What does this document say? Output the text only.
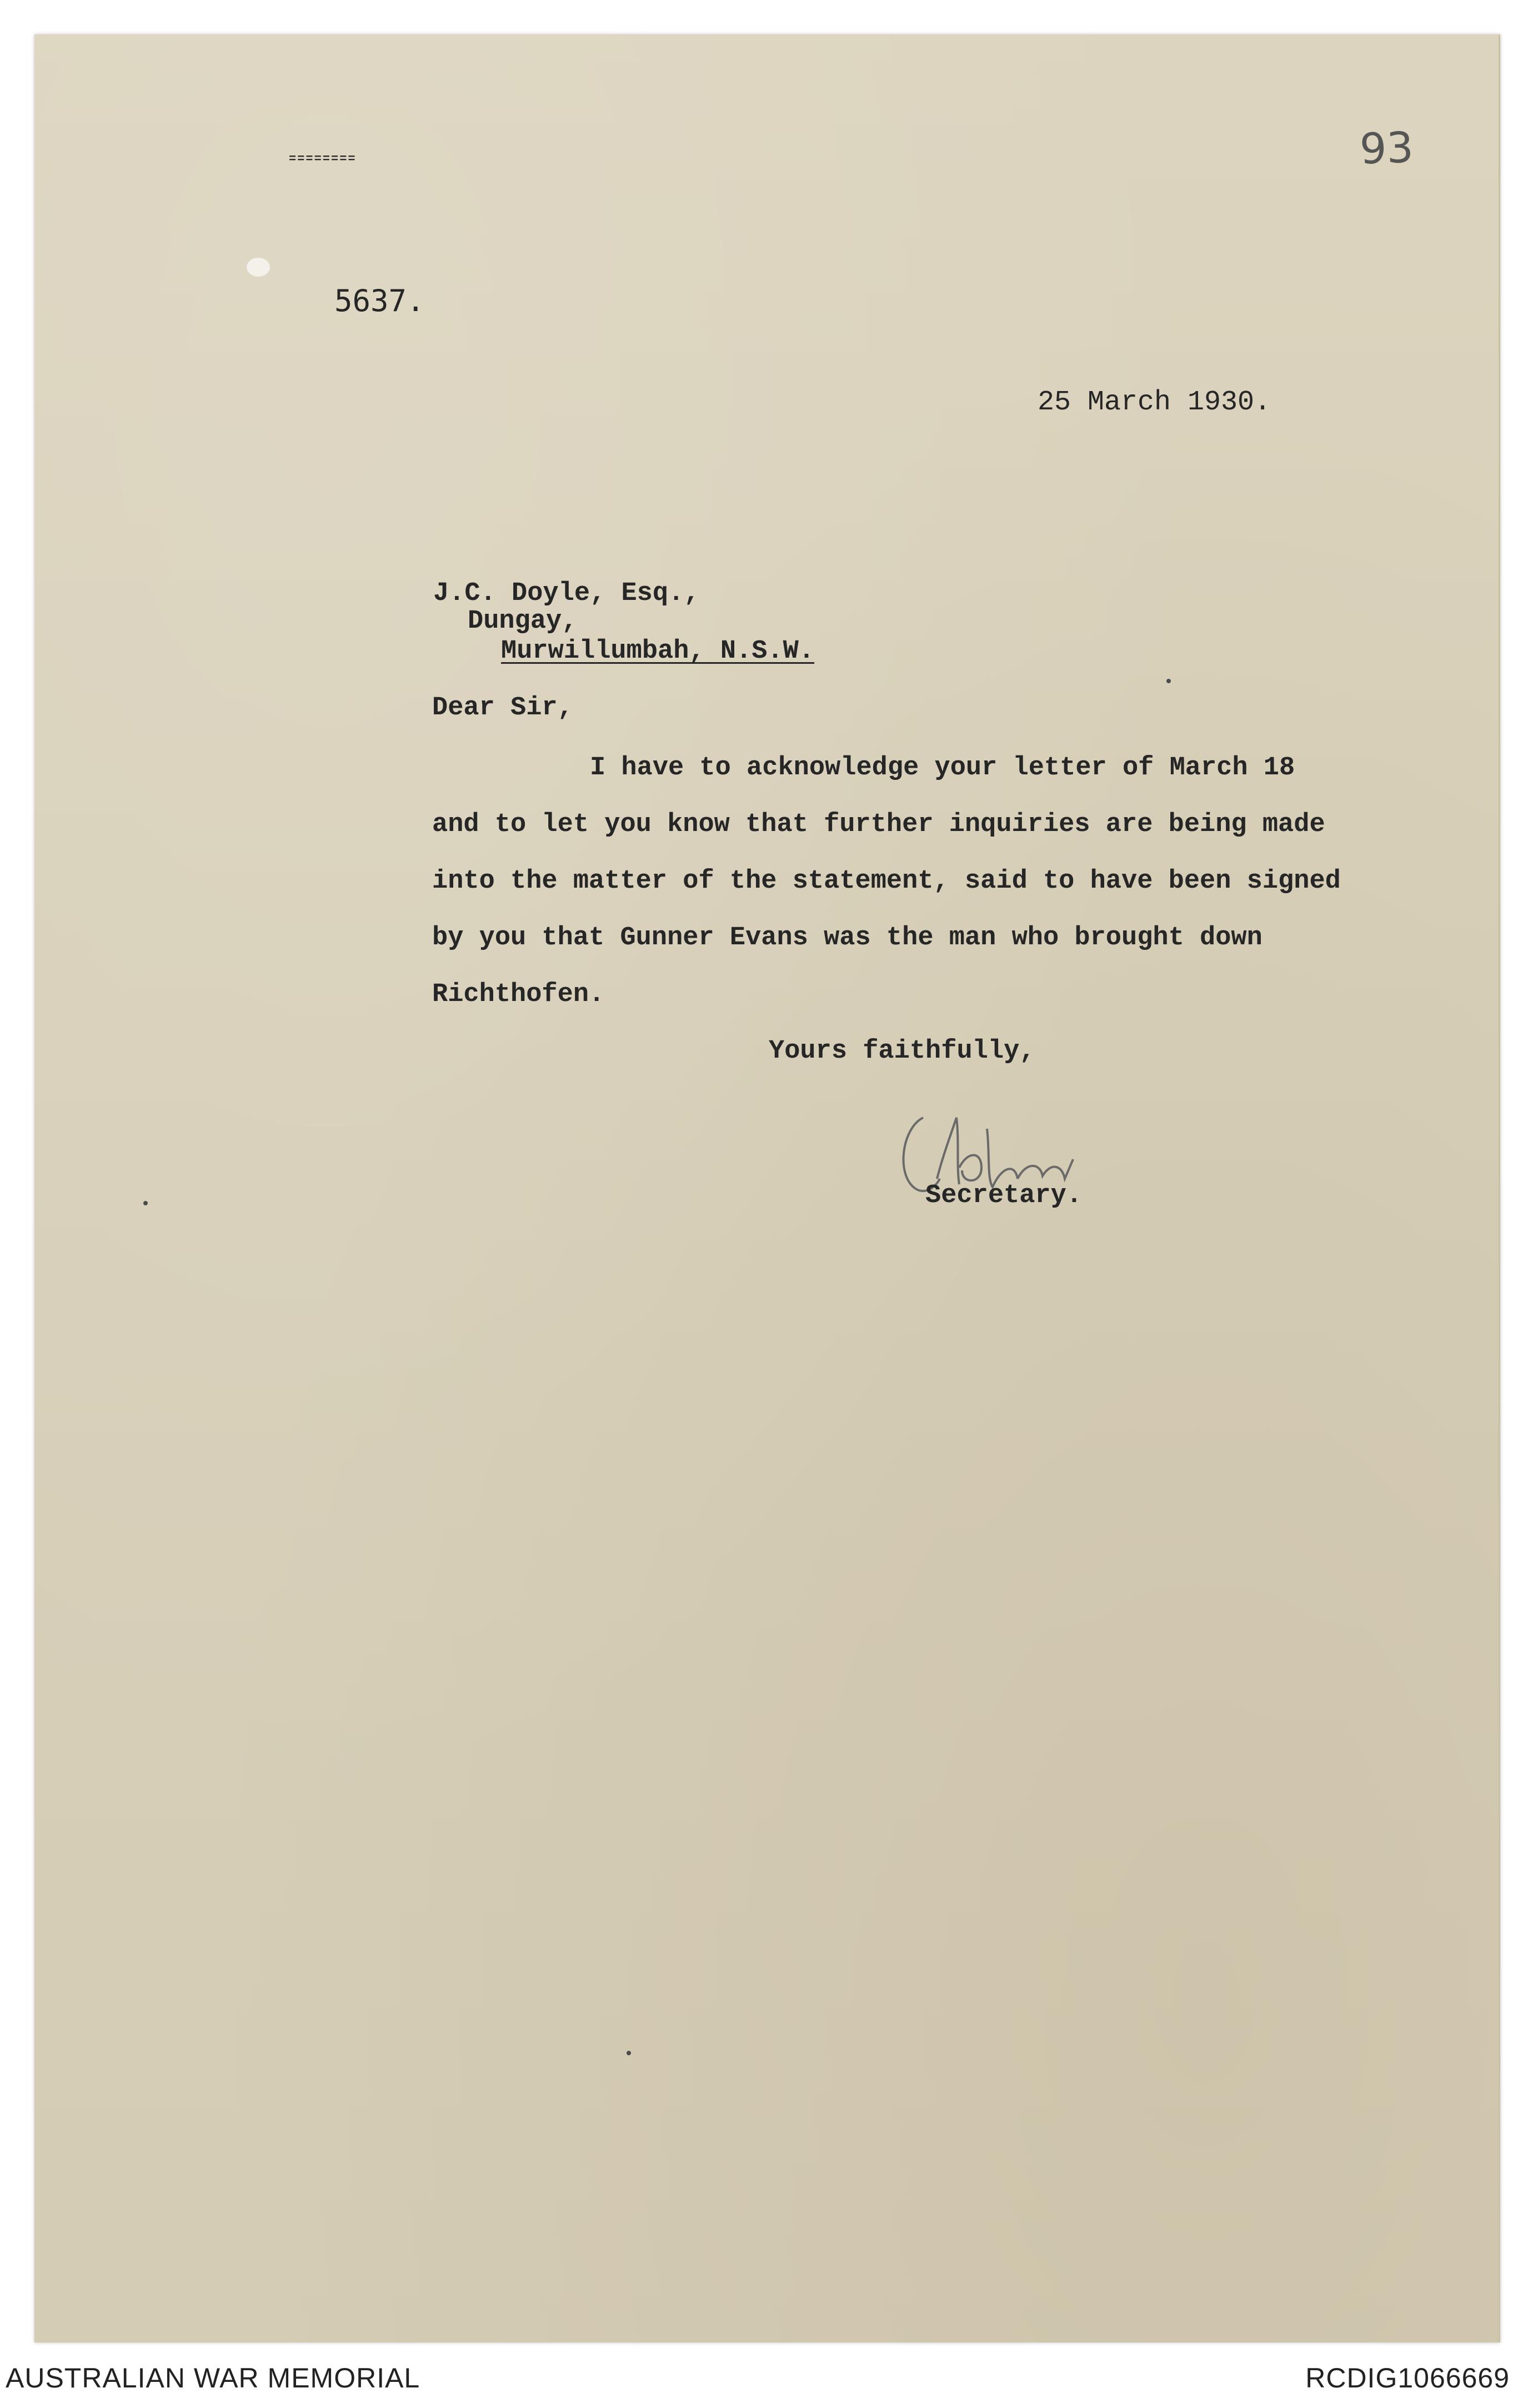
========	93
5637.
25 March 1930.
J.C. Doyle, Esq.,
Dungay,
Murwillumbah, N.S.W.
Dear Sir,
I have to acknowledge your letter of March 18
and to let you know that further inquiries are being made
into the matter of the statement, said to have been signed
by you that Gunner Evans was the man who brought down
Richthofen.
Yours faithfully,
Secretary.
AUSTRALIAN WAR MEMORIAL	RCDIG1066669
